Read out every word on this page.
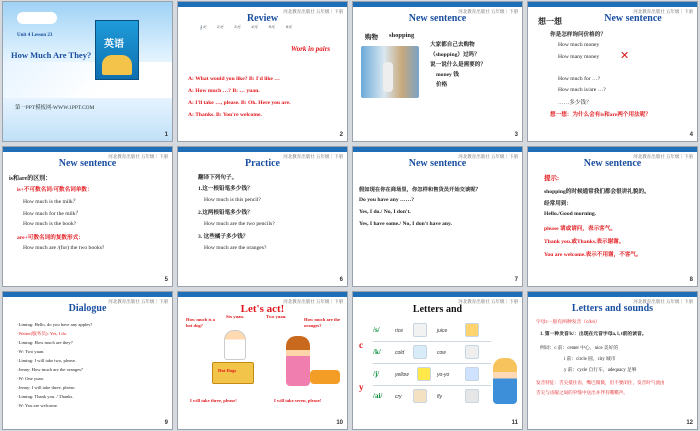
Unit 4 Lesson 23
How Much Are They?
英语
第一PPT模板网-WWW.1PPT.COM
1
河北教育出版社 五年级｜下册
Review
1元	2元	3元	4元	5元	6元
Work in pairs
A: What would you like? B: I'd like …
A: How much …? B: … yuan.
A: I'll take …, please. B: Ok. Here you are.
A: Thanks. B: You're welcome.
2
河北教育出版社 五年级｜下册
New sentence
购物 shopping
大家都自己去购物
（shopping）过吗？
说一说什么是需要的？
money 钱
价格
3
河北教育出版社 五年级｜下册
想一想	New sentence
你是怎样询问价格的？
How much money
How many money ✕
How much for …?
How much is/are …?
……多少钱？
想一想：为什么会有is和are两个用法呢？
4
河北教育出版社 五年级｜下册
New sentence
is和are的区别：
is+不可数名词/可数名词单数：
How much is the milk？
How much for the milk？
How much is the book?
are+可数名词的复数形式：
How much are /(for) the two books?
5
河北教育出版社 五年级｜下册
Practice
翻译下列句子。
1.这一根铅笔多少钱？
How much is this pencil?
2.这两根铅笔多少钱？
How much are the two pencils?
3. 这些橘子多少钱？
How much are the oranges?
6
河北教育出版社 五年级｜下册
New sentence
假如现在你在商场里，你怎样和售货员开始交谈呢？
Do you have any ……?
Yes, I do./ No, I don't.
Yes, I have some./ No, I don't have any.
7
河北教育出版社 五年级｜下册
New sentence
提示:
shopping的时候通常我们都会很讲礼貌的。
经常用到：
Hello./Good morning.
please 请或请问，表示客气。
Thank you.或Thanks.表示谢谢。
You are welcome.表示不用谢，不客气。
8
河北教育出版社 五年级｜下册
Dialogue
·Liming: Hello, do you have any apples?
·Waiter(服务员): Yes, I do.
·Liming: How much are they?
·W: Two yuan.
·Liming: I will take two, please.
·Jenny: How much are the oranges?
·W: One yuan.
·Jenny: I will take three, please.
·Liming: Thank you. / Thanks.
·W: You are welcome.
9
河北教育出版社 五年级｜下册
Let's act!
How much is a hot dog?
Six yuan.	Two yuan.
How much are the oranges?
Hot Dogs
I will take three, please!	I will take seven, please!
10
河北教育出版社 五年级｜下册
Letters and
c
y
/s/	rice	juice
/k/	cold	cow
/j/	yellow	yo-yo
/ai/	cry	fly
11
河北教育出版社 五年级｜下册
Letters and sounds
字母c一般有两种发音（c/k/s）
1. 第一种发音/k/：出现在元音字母a, l, t前的读音。
例词：c 前：center 中心，nice 美好的
i 前：circle 圆，city 城市
y 前：cycle 自行车，adequacy 足够
发音特征：舌尖抵住齿，嘴巴微微，但不要闭住，发音时气流由
舌尖与齿龈之间的窄缝中送出并伴有嘶嘶声。
12
